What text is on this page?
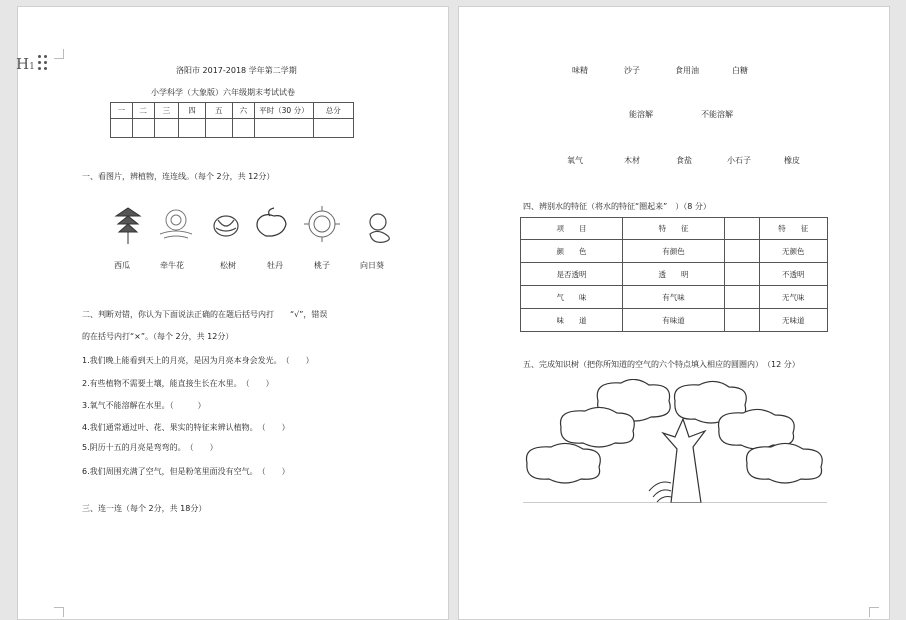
洛阳市 2017-2018 学年第二学期
小学科学（大象版）六年级期末考试试卷
一	二	三	四	五	六	平时（30 分）	总分

一、看图片，辨植物，连连线。（每个 2分，共 12分）
西瓜	牵牛花	松树	牡丹	桃子	向日葵
二、判断对错，你认为下面说法正确的在题后括号内打　　“√”，错误
的在括号内打“×”。（每个 2分，共 12分）
1.我们晚上能看到天上的月亮，是因为月亮本身会发光。　（　　）
2.有些植物不需要土壤，能直接生长在水里。　（　　）
3.氧气不能溶解在水里。（　　　）
4.我们通常通过叶、花、果实的特征来辨认植物。　（　　）
5.阴历十五的月亮是弯弯的。　（　　）
6.我们周围充满了空气，但是粉笔里面没有空气。　（　　）
三、连一连（每个 2分，共 18分）
H1	味精	沙子	食用油	白糖
能溶解	不能溶解
氧气	木材	食盐	小石子	橡皮
四、辨别水的特征（将水的特征“圈起来”　）（8 分）
项　　目	特　　征		特　　征
颜　　色	有颜色		无颜色
是否透明	透　　明		不透明
气　　味	有气味		无气味
味　　道	有味道		无味道
五、完成知识树（把你所知道的空气的六个特点填入相应的圆圈内）　（12 分）
